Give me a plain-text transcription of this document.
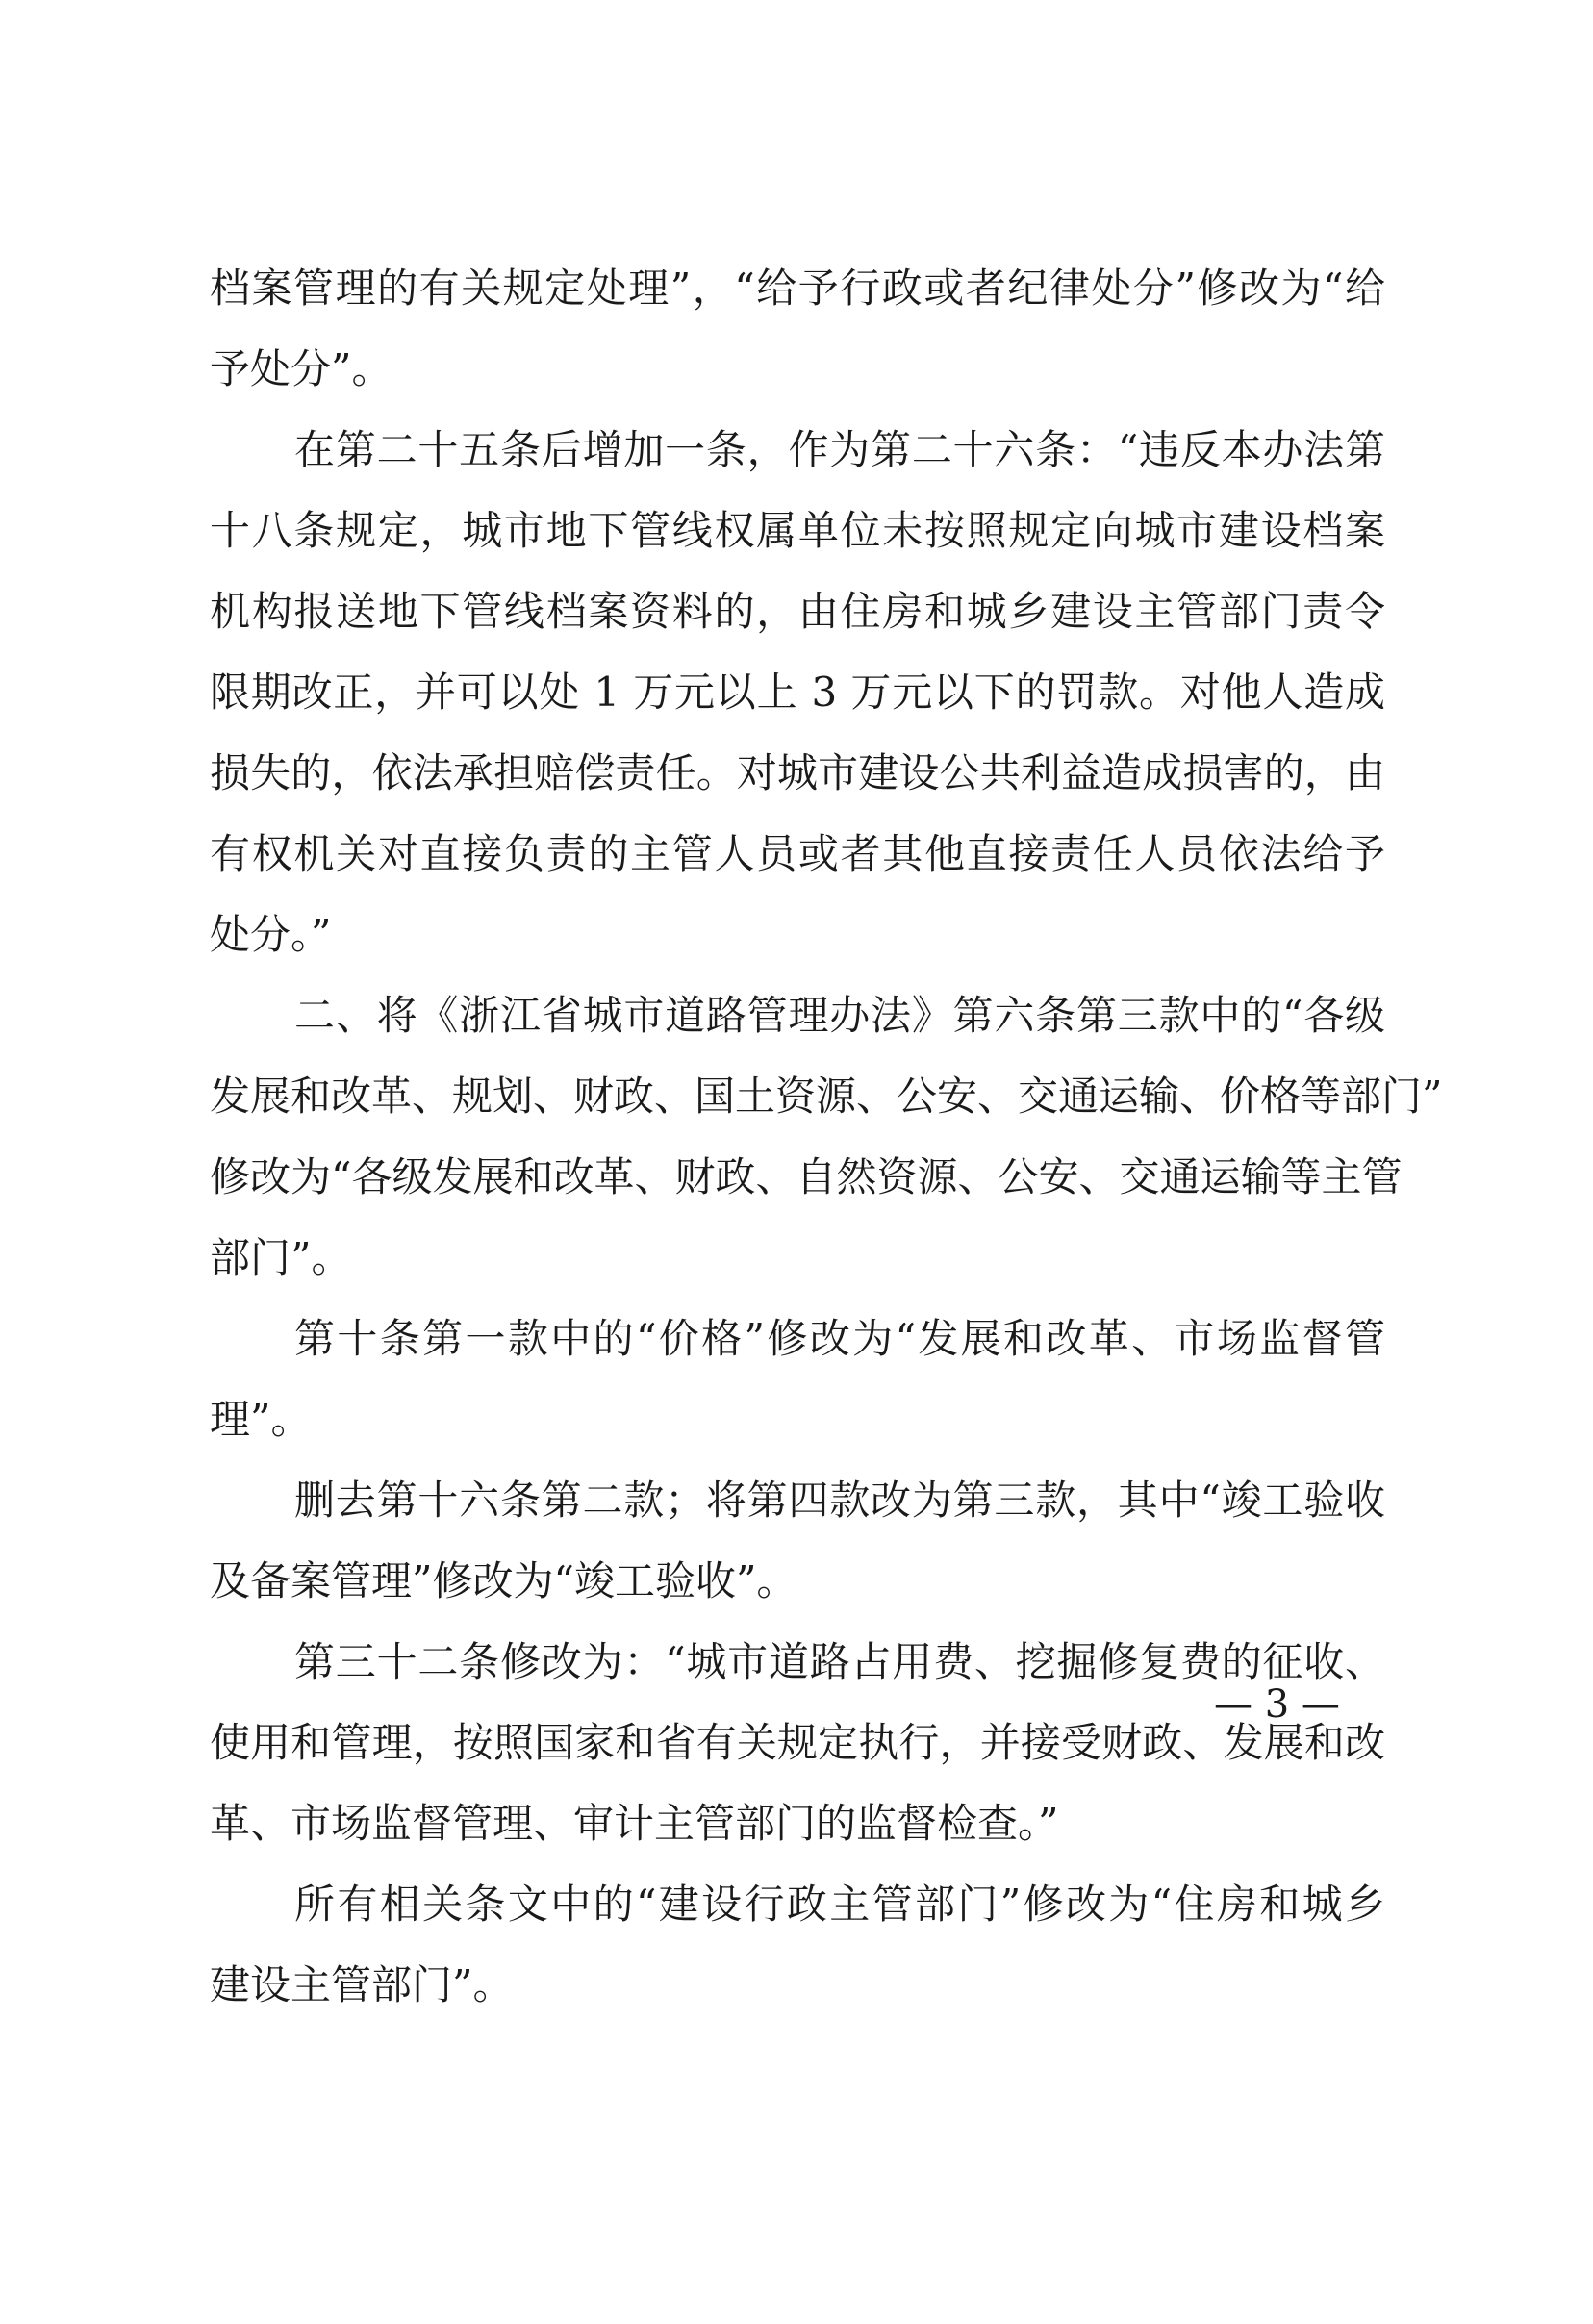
档案管理的有关规定处理”，“给予行政或者纪律处分”修改为“给
予处分”。
在第二十五条后增加一条，作为第二十六条：“违反本办法第
十八条规定，城市地下管线权属单位未按照规定向城市建设档案
机构报送地下管线档案资料的，由住房和城乡建设主管部门责令
限期改正，并可以处 1 万元以上 3 万元以下的罚款。对他人造成
损失的，依法承担赔偿责任。对城市建设公共利益造成损害的，由
有权机关对直接负责的主管人员或者其他直接责任人员依法给予
处分。”
二、将《浙江省城市道路管理办法》第六条第三款中的“各级
发展和改革、规划、财政、国土资源、公安、交通运输、价格等部门”
修改为“各级发展和改革、财政、自然资源、公安、交通运输等主管
部门”。
第十条第一款中的“价格”修改为“发展和改革、市场监督管
理”。
删去第十六条第二款；将第四款改为第三款，其中“竣工验收
及备案管理”修改为“竣工验收”。
第三十二条修改为：“城市道路占用费、挖掘修复费的征收、
使用和管理，按照国家和省有关规定执行，并接受财政、发展和改
革、市场监督管理、审计主管部门的监督检查。”
所有相关条文中的“建设行政主管部门”修改为“住房和城乡
建设主管部门”。
— 3 —
